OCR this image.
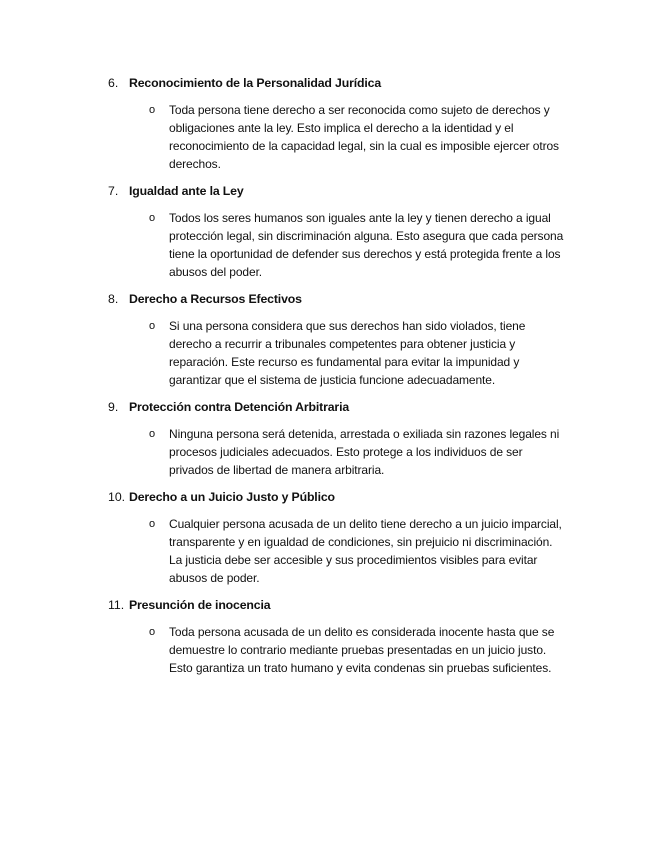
6. Reconocimiento de la Personalidad Jurídica
o	Toda persona tiene derecho a ser reconocida como sujeto de derechos y obligaciones ante la ley. Esto implica el derecho a la identidad y el reconocimiento de la capacidad legal, sin la cual es imposible ejercer otros derechos.
7. Igualdad ante la Ley
o	Todos los seres humanos son iguales ante la ley y tienen derecho a igual protección legal, sin discriminación alguna. Esto asegura que cada persona tiene la oportunidad de defender sus derechos y está protegida frente a los abusos del poder.
8. Derecho a Recursos Efectivos
o	Si una persona considera que sus derechos han sido violados, tiene derecho a recurrir a tribunales competentes para obtener justicia y reparación. Este recurso es fundamental para evitar la impunidad y garantizar que el sistema de justicia funcione adecuadamente.
9. Protección contra Detención Arbitraria
o	Ninguna persona será detenida, arrestada o exiliada sin razones legales ni procesos judiciales adecuados. Esto protege a los individuos de ser privados de libertad de manera arbitraria.
10. Derecho a un Juicio Justo y Público
o	Cualquier persona acusada de un delito tiene derecho a un juicio imparcial, transparente y en igualdad de condiciones, sin prejuicio ni discriminación. La justicia debe ser accesible y sus procedimientos visibles para evitar abusos de poder.
11. Presunción de inocencia
o	Toda persona acusada de un delito es considerada inocente hasta que se demuestre lo contrario mediante pruebas presentadas en un juicio justo. Esto garantiza un trato humano y evita condenas sin pruebas suficientes.
